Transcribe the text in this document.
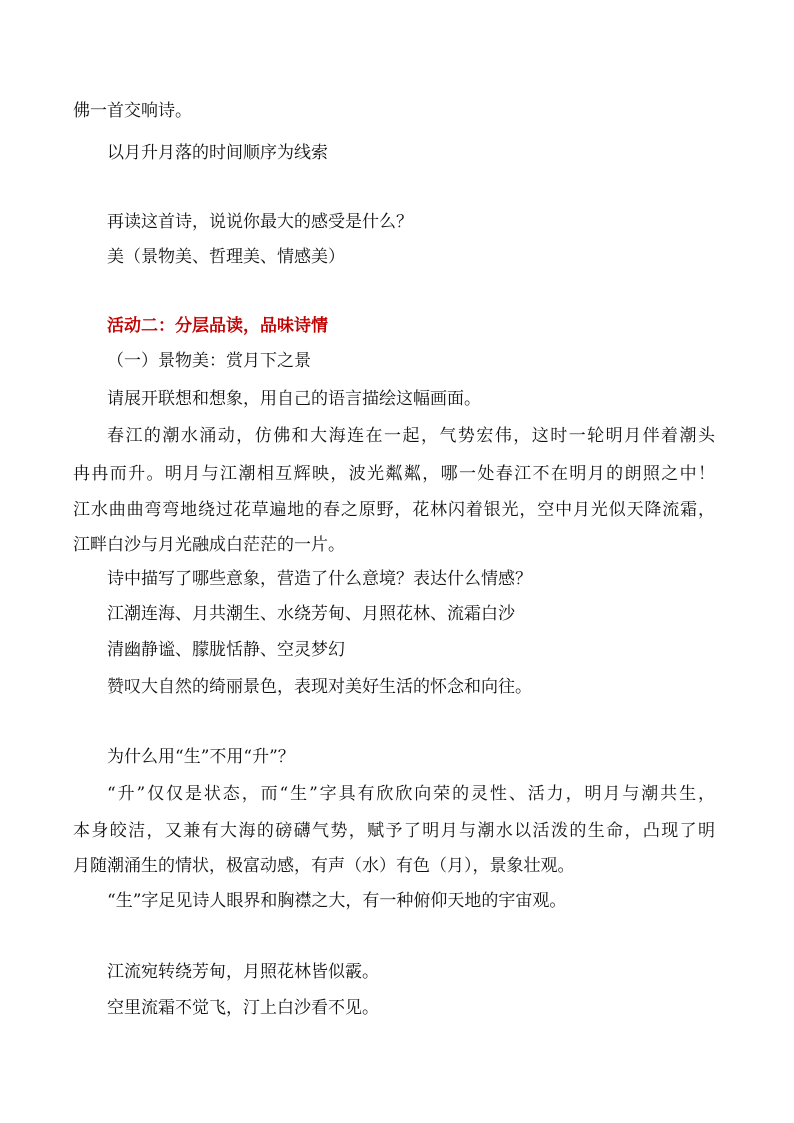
佛一首交响诗。

以月升月落的时间顺序为线索

再读这首诗，说说你最大的感受是什么？

美（景物美、哲理美、情感美）

活动二：分层品读，品味诗情

（一）景物美：赏月下之景

请展开联想和想象，用自己的语言描绘这幅画面。

春江的潮水涌动，仿佛和大海连在一起，气势宏伟，这时一轮明月伴着潮头

冉冉而升。明月与江潮相互辉映，波光粼粼，哪一处春江不在明月的朗照之中！

江水曲曲弯弯地绕过花草遍地的春之原野，花林闪着银光，空中月光似天降流霜，

江畔白沙与月光融成白茫茫的一片。

诗中描写了哪些意象，营造了什么意境？表达什么情感？

江潮连海、月共潮生、水绕芳甸、月照花林、流霜白沙

清幽静谧、朦胧恬静、空灵梦幻

赞叹大自然的绮丽景色，表现对美好生活的怀念和向往。

为什么用“生”不用“升”？

“升”仅仅是状态，而“生”字具有欣欣向荣的灵性、活力，明月与潮共生，

本身皎洁，又兼有大海的磅礴气势，赋予了明月与潮水以活泼的生命，凸现了明

月随潮涌生的情状，极富动感，有声（水）有色（月），景象壮观。

“生”字足见诗人眼界和胸襟之大，有一种俯仰天地的宇宙观。

江流宛转绕芳甸，月照花林皆似霰。

空里流霜不觉飞，汀上白沙看不见。
